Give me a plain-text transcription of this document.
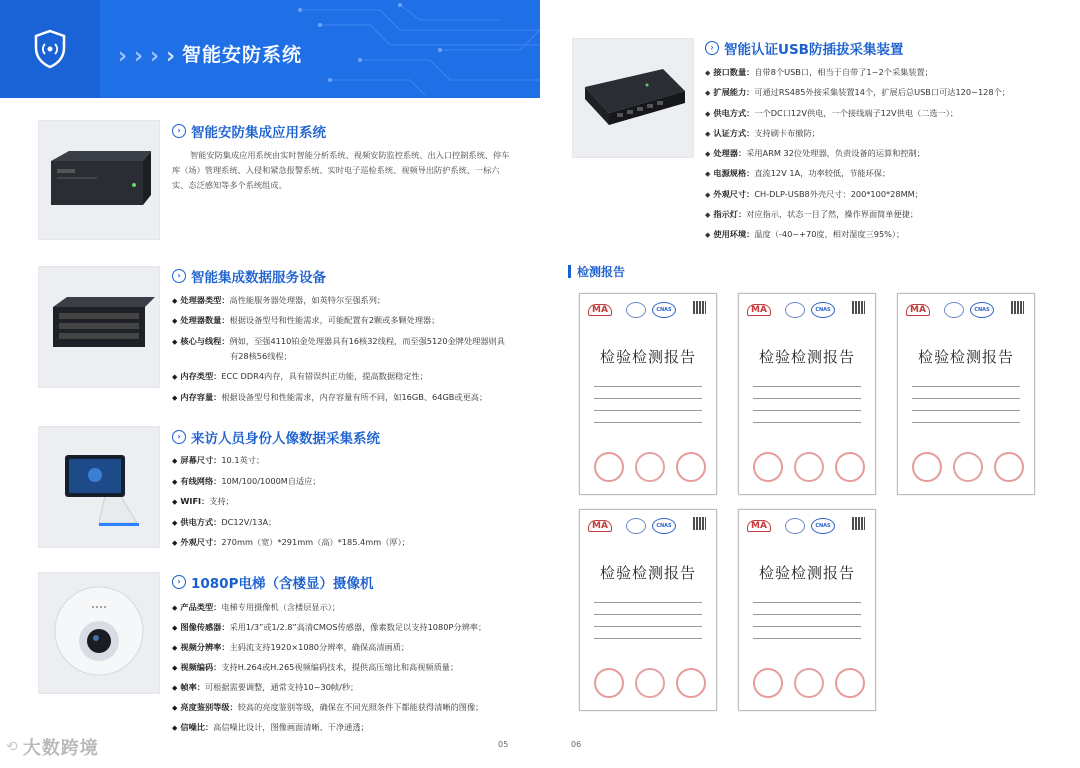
› › › › 智能安防系统
› 智能安防集成应用系统
智能安防集成应用系统由实时智能分析系统、视频安防监控系统、出入口控制系统、停车库（场）管理系统、入侵和紧急报警系统、实时电子巡检系统、视频导出防护系统、一标六实、态泛感知等多个系统组成。
› 智能集成数据服务设备
◆ 处理器类型：高性能服务器处理器，如英特尔至强系列；
◆ 处理器数量：根据设备型号和性能需求，可能配置有2颗或多颗处理器；
◆ 核心与线程：例如，至强4110铂金处理器具有16核32线程，而至强5120金牌处理器则具
有28核56线程；
◆ 内存类型：ECC DDR4内存，具有错误纠正功能，提高数据稳定性；
◆ 内存容量：根据设备型号和性能需求，内存容量有所不同，如16GB、64GB或更高；
› 来访人员身份人像数据采集系统
◆ 屏幕尺寸：10.1英寸；
◆ 有线网络：10M/100/1000M自适应；
◆ WIFI：支持；
◆ 供电方式：DC12V/13A；
◆ 外观尺寸：270mm（宽）*291mm（高）*185.4mm（厚）；
› 1080P电梯（含楼显）摄像机
◆ 产品类型：电梯专用摄像机（含楼层显示）；
◆ 图像传感器：采用1/3”或1/2.8”高清CMOS传感器，像素数足以支持1080P分辨率；
◆ 视频分辨率：主码流支持1920×1080分辨率，确保高清画质；
◆ 视频编码：支持H.264或H.265视频编码技术，提供高压缩比和高视频质量；
◆ 帧率：可根据需要调整，通常支持10~30帧/秒；
◆ 亮度鉴别等级：较高的亮度鉴别等级，确保在不同光照条件下都能获得清晰的图像；
◆ 信噪比：高信噪比设计，图像画面清晰、干净通透；
05	06
› 智能认证USB防插拔采集装置
◆ 接口数量：自带8个USB口，相当于自带了1~2个采集装置；
◆ 扩展能力：可通过RS485外接采集装置14个，扩展后总USB口可达120~128个；
◆ 供电方式：一个DC口12V供电，一个接线端子12V供电（二选一）；
◆ 认证方式：支持刷卡布撤防；
◆ 处理器：采用ARM 32位处理器，负责设备的运算和控制；
◆ 电源规格：直流12V 1A，功率较低，节能环保；
◆ 外观尺寸：CH-DLP-USB8外壳尺寸：200*100*28MM；
◆ 指示灯：对应指示，状态一目了然，操作界面简单便捷；
◆ 使用环境：温度（-40~+70度，相对湿度三95%）；
检测报告
MA	CNAS
检验检测报告
MA	CNAS
检验检测报告
MA	CNAS
检验检测报告
MA	CNAS
检验检测报告
MA	CNAS
检验检测报告
⟲ 大数跨境
